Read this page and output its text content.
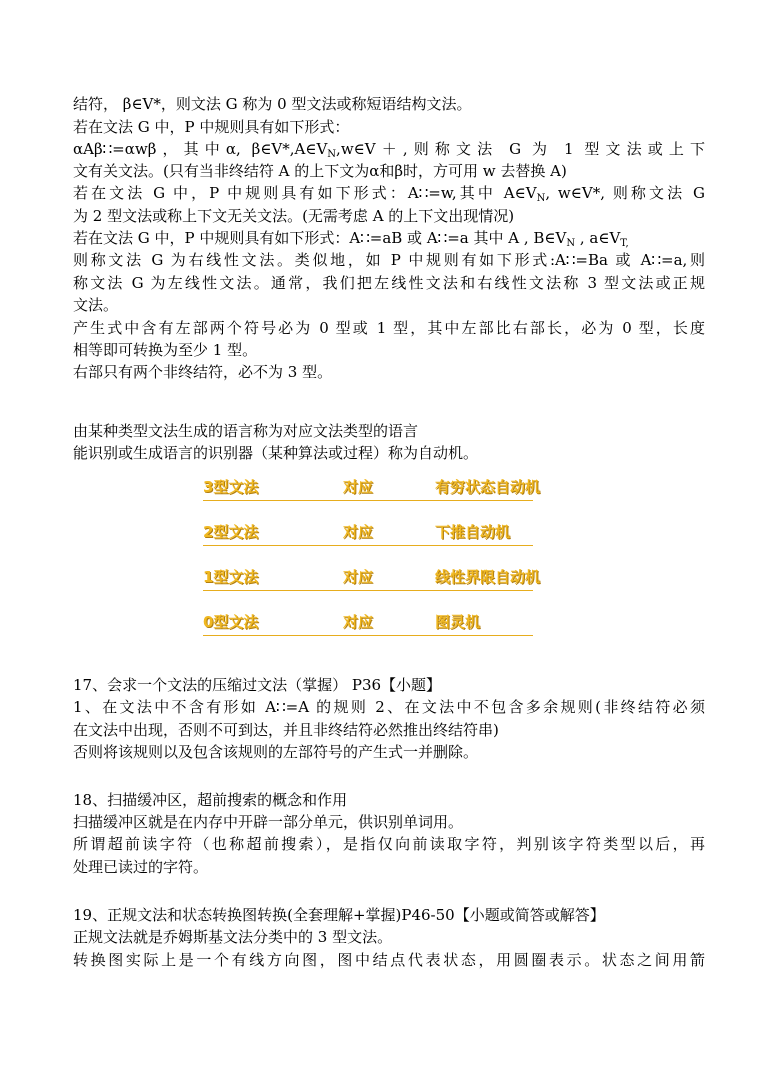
结符， β∈V*，则文法 G 称为 0 型文法或称短语结构文法。
若在文法 G 中，P 中规则具有如下形式：
αAβ∷=αwβ，其中α, $\beta\in V*,A\in V_N,w\in V+$,则称文法 G 为 1 型文法或上下
文有关文法。(只有当非终结符 A 的上下文为α和β时，方可用 w 去替换 A)
若在文法 G 中，P 中规则具有如下形式：A∷=w,其中 $A\in V_N$, w∈V*, 则称文法 G
为 2 型文法或称上下文无关文法。(无需考虑 A 的上下文出现情况)
若在文法 G 中，P 中规则具有如下形式：A∷=aB 或 A∷=a 其中 A , $B\in V_N$ , $a\in V_{T,}$
则称文法 G 为右线性文法。类似地，如 P 中规则有如下形式:A∷=Ba 或 A∷=a,则
称文法 G 为左线性文法。通常，我们把左线性文法和右线性文法称 3 型文法或正规
文法。
产生式中含有左部两个符号必为 0 型或 1 型，其中左部比右部长，必为 0 型，长度
相等即可转换为至少 1 型。
右部只有两个非终结符，必不为 3 型。
由某种类型文法生成的语言称为对应文法类型的语言
能识别或生成语言的识别器（某种算法或过程）称为自动机。
3型文法	对应	有穷状态自动机
2型文法	对应	下推自动机
1型文法	对应	线性界限自动机
0型文法	对应	图灵机
17、会求一个文法的压缩过文法（掌握） P36【小题】
1、在文法中不含有形如 A∷=A 的规则 2、在文法中不包含多余规则(非终结符必须
在文法中出现，否则不可到达，并且非终结符必然推出终结符串)
否则将该规则以及包含该规则的左部符号的产生式一并删除。
18、扫描缓冲区，超前搜索的概念和作用
扫描缓冲区就是在内存中开辟一部分单元，供识别单词用。
所谓超前读字符（也称超前搜索），是指仅向前读取字符，判别该字符类型以后，再
处理已读过的字符。
19、正规文法和状态转换图转换(全套理解+掌握)P46-50【小题或简答或解答】
正规文法就是乔姆斯基文法分类中的 3 型文法。
转换图实际上是一个有线方向图，图中结点代表状态，用圆圈表示。状态之间用箭
